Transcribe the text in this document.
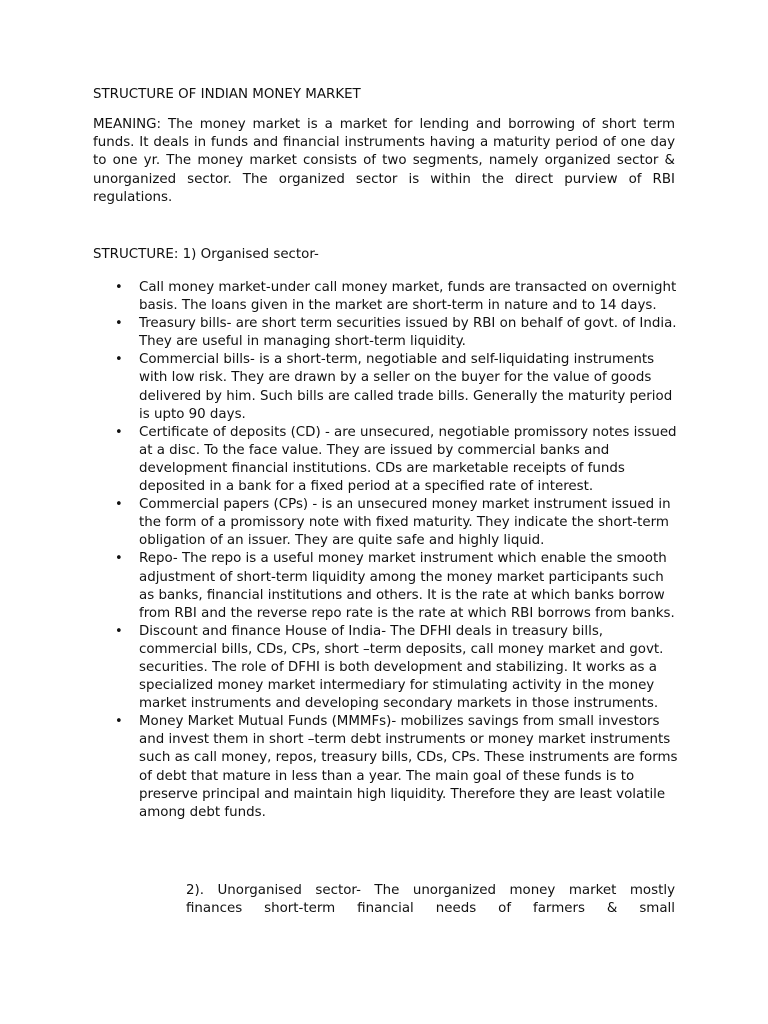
STRUCTURE OF INDIAN MONEY MARKET

MEANING: The money market is a market for lending and borrowing of short term funds. It deals in funds and financial instruments having a maturity period of one day to one yr. The money market consists of two segments, namely organized sector & unorganized sector. The organized sector is within the direct purview of RBI regulations.

STRUCTURE: 1) Organised sector-

• Call money market-under call money market, funds are transacted on overnight basis. The loans given in the market are short-term in nature and to 14 days.
• Treasury bills- are short term securities issued by RBI on behalf of govt. of India. They are useful in managing short-term liquidity.
• Commercial bills- is a short-term, negotiable and self-liquidating instruments with low risk. They are drawn by a seller on the buyer for the value of goods delivered by him. Such bills are called trade bills. Generally the maturity period is upto 90 days.
• Certificate of deposits (CD) - are unsecured, negotiable promissory notes issued at a disc. To the face value. They are issued by commercial banks and development financial institutions. CDs are marketable receipts of funds deposited in a bank for a fixed period at a specified rate of interest.
• Commercial papers (CPs) - is an unsecured money market instrument issued in the form of a promissory note with fixed maturity. They indicate the short-term obligation of an issuer. They are quite safe and highly liquid.
• Repo- The repo is a useful money market instrument which enable the smooth adjustment of short-term liquidity among the money market participants such as banks, financial institutions and others. It is the rate at which banks borrow from RBI and the reverse repo rate is the rate at which RBI borrows from banks.
• Discount and finance House of India- The DFHI deals in treasury bills, commercial bills, CDs, CPs, short –term deposits, call money market and govt. securities. The role of DFHI is both development and stabilizing. It works as a specialized money market intermediary for stimulating activity in the money market instruments and developing secondary markets in those instruments.
• Money Market Mutual Funds (MMMFs)- mobilizes savings from small investors and invest them in short –term debt instruments or money market instruments such as call money, repos, treasury bills, CDs, CPs. These instruments are forms of debt that mature in less than a year. The main goal of these funds is to preserve principal and maintain high liquidity. Therefore they are least volatile among debt funds.

2). Unorganised sector- The unorganized money market mostly
finances short-term financial needs of farmers & small
